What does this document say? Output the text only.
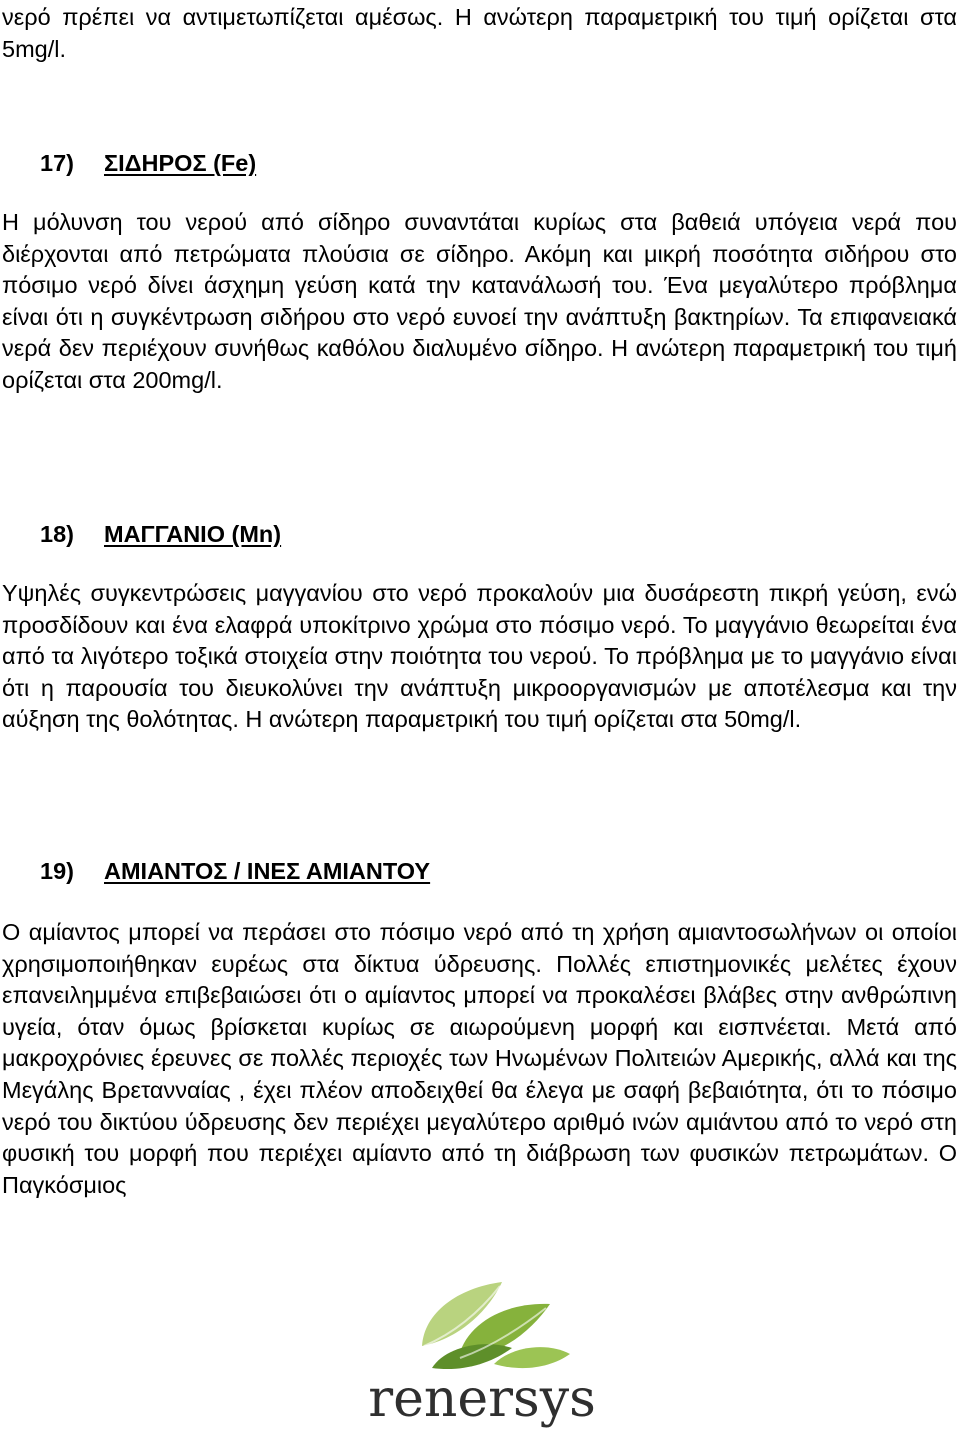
νερό πρέπει να αντιμετωπίζεται αμέσως. Η ανώτερη παραμετρική του τιμή ορίζεται στα 5mg/l.

17) ΣΙΔΗΡΟΣ (Fe)

Η μόλυνση του νερού από σίδηρο συναντάται κυρίως στα βαθειά υπόγεια νερά που διέρχονται από πετρώματα πλούσια σε σίδηρο. Ακόμη και μικρή ποσότητα σιδήρου στο πόσιμο νερό δίνει άσχημη γεύση κατά την κατανάλωσή του. Ένα μεγαλύτερο πρόβλημα είναι ότι η συγκέντρωση σιδήρου στο νερό ευνοεί την ανάπτυξη βακτηρίων. Τα επιφανειακά νερά δεν περιέχουν συνήθως καθόλου διαλυμένο σίδηρο. Η ανώτερη παραμετρική του τιμή ορίζεται στα 200mg/l.

18) ΜΑΓΓΑΝΙΟ (Mn)

Υψηλές συγκεντρώσεις μαγγανίου στο νερό προκαλούν μια δυσάρεστη πικρή γεύση, ενώ προσδίδουν και ένα ελαφρά υποκίτρινο χρώμα στο πόσιμο νερό. Το μαγγάνιο θεωρείται ένα από τα λιγότερο τοξικά στοιχεία στην ποιότητα του νερού. Το πρόβλημα με το μαγγάνιο είναι ότι η παρουσία του διευκολύνει την ανάπτυξη μικροοργανισμών με αποτέλεσμα και την αύξηση της θολότητας. Η ανώτερη παραμετρική του τιμή ορίζεται στα 50mg/l.

19) ΑΜΙΑΝΤΟΣ / ΙΝΕΣ ΑΜΙΑΝΤΟΥ

Ο αμίαντος μπορεί να περάσει στο πόσιμο νερό από τη χρήση αμιαντοσωλήνων οι οποίοι χρησιμοποιήθηκαν ευρέως στα δίκτυα ύδρευσης. Πολλές επιστημονικές μελέτες έχουν επανειλημμένα επιβεβαιώσει ότι ο αμίαντος μπορεί να προκαλέσει βλάβες στην ανθρώπινη υγεία, όταν όμως βρίσκεται κυρίως σε αιωρούμενη μορφή και εισπνέεται. Μετά από μακροχρόνιες έρευνες σε πολλές περιοχές των Ηνωμένων Πολιτειών Αμερικής, αλλά και της Μεγάλης Βρετανναίας , έχει πλέον αποδειχθεί θα έλεγα με σαφή βεβαιότητα, ότι το πόσιμο νερό του δικτύου ύδρευσης δεν περιέχει μεγαλύτερο αριθμό ινών αμιάντου από το νερό στη φυσική του μορφή που περιέχει αμίαντο από τη διάβρωση των φυσικών πετρωμάτων. Ο Παγκόσμιος

renersys
